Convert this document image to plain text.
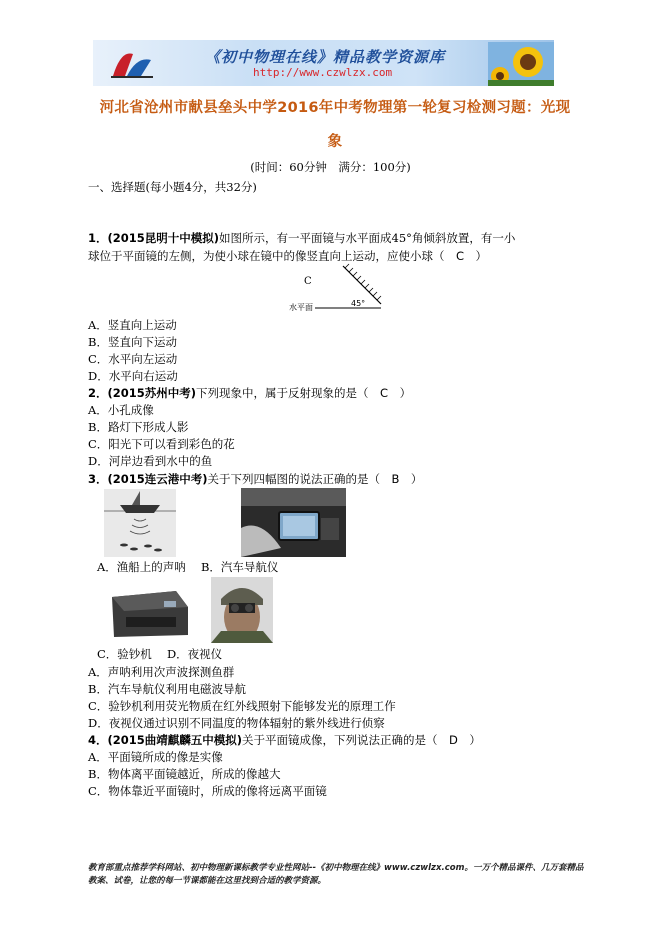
《初中物理在线》精品教学资源库
http://www.czwlzx.com
河北省沧州市献县垒头中学2016年中考物理第一轮复习检测习题：光现
象
(时间：60分钟　满分：100分)
一、选择题(每小题4分，共32分)
1．(2015昆明十中模拟)如图所示，有一平面镜与水平面成45°角倾斜放置，有一小
球位于平面镜的左侧，为使小球在镜中的像竖直向上运动，应使小球（　C　）
C
水平面	45°
A．竖直向上运动
B．竖直向下运动
C．水平向左运动
D．水平向右运动
2．(2015苏州中考)下列现象中，属于反射现象的是（　C　）
A．小孔成像
B．路灯下形成人影
C．阳光下可以看到彩色的花
D．河岸边看到水中的鱼
3．(2015连云港中考)关于下列四幅图的说法正确的是（　B　）
A．渔船上的声呐　 B．汽车导航仪
C．验钞机　 D．夜视仪
A．声呐利用次声波探测鱼群
B．汽车导航仪利用电磁波导航
C．验钞机利用荧光物质在红外线照射下能够发光的原理工作
D．夜视仪通过识别不同温度的物体辐射的紫外线进行侦察
4．(2015曲靖麒麟五中模拟)关于平面镜成像，下列说法正确的是（　D　）
A．平面镜所成的像是实像
B．物体离平面镜越近，所成的像越大
C．物体靠近平面镜时，所成的像将远离平面镜
教育部重点推荐学科网站、初中物理新课标教学专业性网站--《初中物理在线》www.czwlzx.com。一万个精品课件、几万套精品教案、试卷，让您的每一节课都能在这里找到合适的教学资源。
